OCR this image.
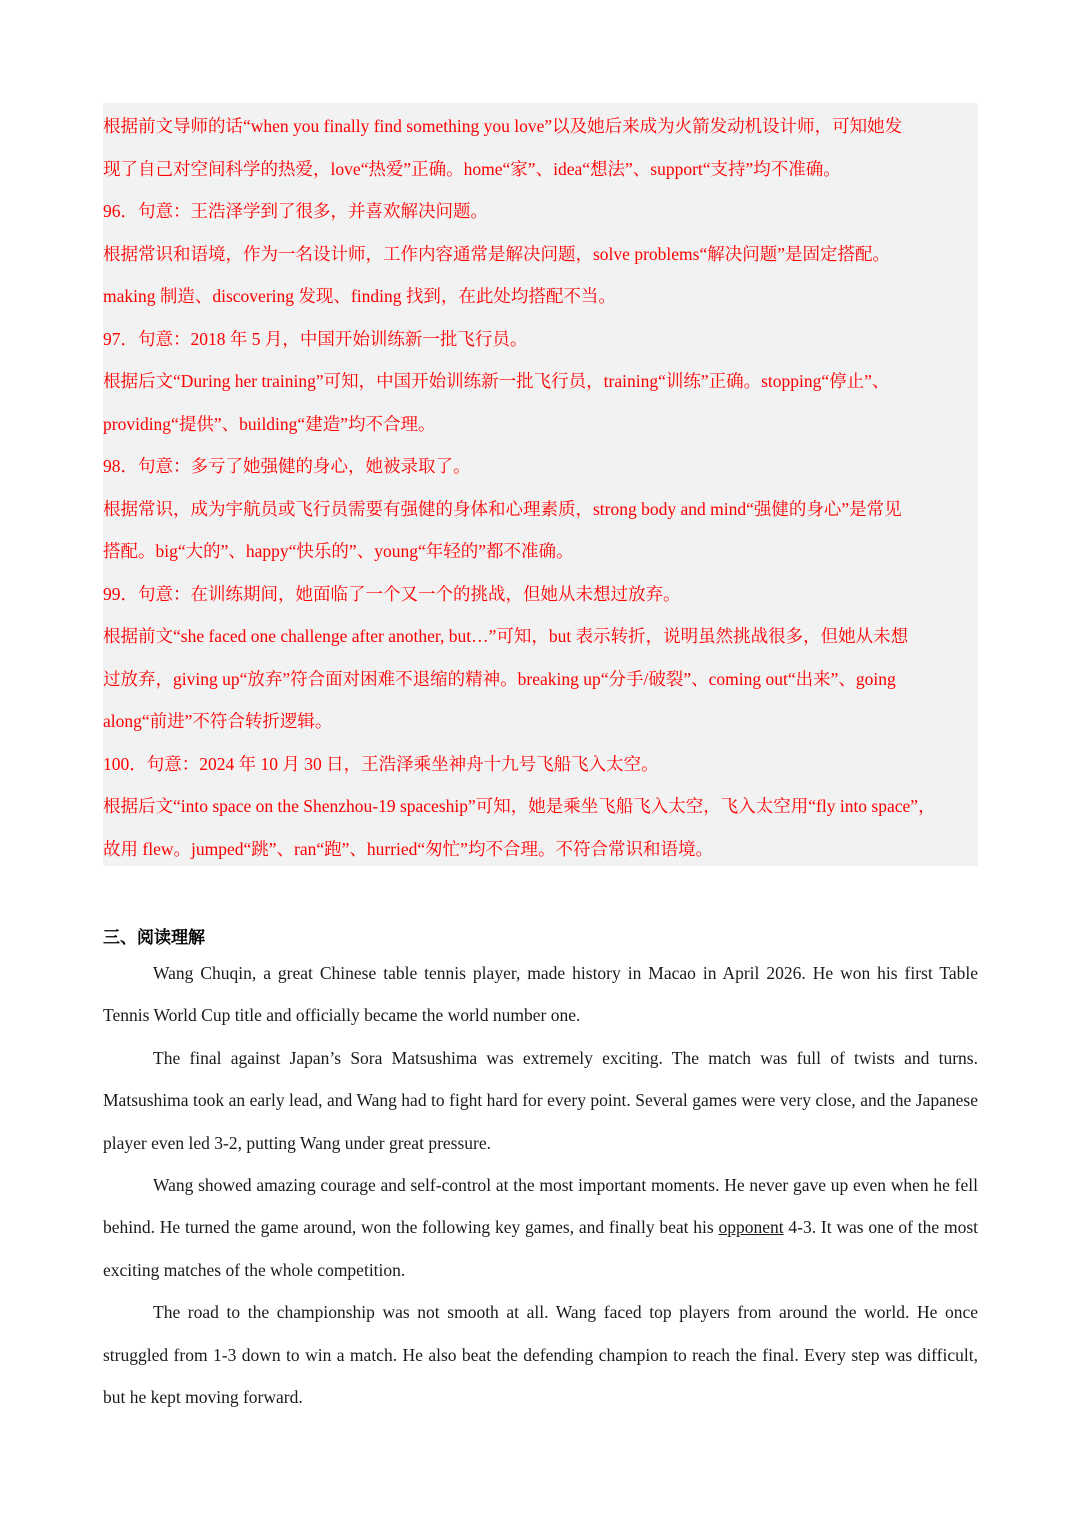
根据前文导师的话“when you finally find something you love”以及她后来成为火箭发动机设计师，可知她发
现了自己对空间科学的热爱，love“热爱”正确。home“家”、idea“想法”、support“支持”均不准确。
96．句意：王浩泽学到了很多，并喜欢解决问题。
根据常识和语境，作为一名设计师，工作内容通常是解决问题，solve problems“解决问题”是固定搭配。
making 制造、discovering 发现、finding 找到，在此处均搭配不当。
97．句意：2018 年 5 月，中国开始训练新一批飞行员。
根据后文“During her training”可知，中国开始训练新一批飞行员，training“训练”正确。stopping“停止”、
providing“提供”、building“建造”均不合理。
98．句意：多亏了她强健的身心，她被录取了。
根据常识，成为宇航员或飞行员需要有强健的身体和心理素质，strong body and mind“强健的身心”是常见
搭配。big“大的”、happy“快乐的”、young“年轻的”都不准确。
99．句意：在训练期间，她面临了一个又一个的挑战，但她从未想过放弃。
根据前文“she faced one challenge after another, but…”可知，but 表示转折，说明虽然挑战很多，但她从未想
过放弃，giving up“放弃”符合面对困难不退缩的精神。breaking up“分手/破裂”、coming out“出来”、going
along“前进”不符合转折逻辑。
100．句意：2024 年 10 月 30 日，王浩泽乘坐神舟十九号飞船飞入太空。
根据后文“into space on the Shenzhou-19 spaceship”可知，她是乘坐飞船飞入太空，飞入太空用“fly into space”，
故用 flew。jumped“跳”、ran“跑”、hurried“匆忙”均不合理。不符合常识和语境。
三、阅读理解

Wang Chuqin, a great Chinese table tennis player, made history in Macao in April 2026. He won his first Table Tennis World Cup title and officially became the world number one.

The final against Japan’s Sora Matsushima was extremely exciting. The match was full of twists and turns. Matsushima took an early lead, and Wang had to fight hard for every point. Several games were very close, and the Japanese player even led 3-2, putting Wang under great pressure.

Wang showed amazing courage and self-control at the most important moments. He never gave up even when he fell behind. He turned the game around, won the following key games, and finally beat his opponent 4-3. It was one of the most exciting matches of the whole competition.

The road to the championship was not smooth at all. Wang faced top players from around the world. He once struggled from 1-3 down to win a match. He also beat the defending champion to reach the final. Every step was difficult, but he kept moving forward.
